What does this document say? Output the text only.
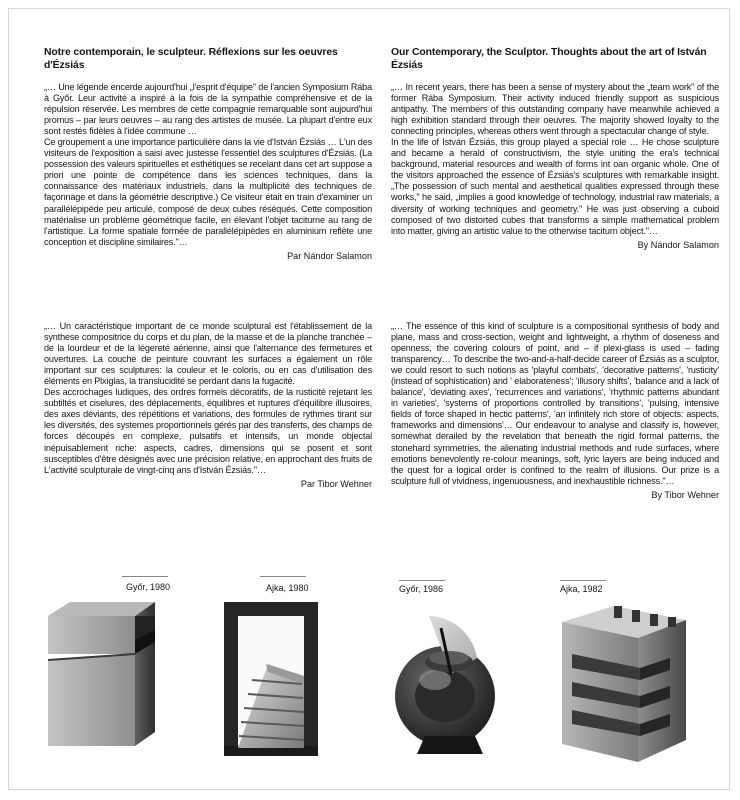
Notre contemporain, le sculpteur. Réflexions sur les oeuvres d'Ézsiás

„… Une légende encerde aujourd'hui „l'esprit d'équipe" de l'ancien Symposium Rába à Győr. Leur activité a inspiré à la fois de la sympathie compréhensive et de la répulsion réservée. Les membres de cette compagnie remarquable sont aujourd'hui promus – par leurs oeuvres – au rang des artistes de musée. La plupart d'entre eux sont restés fidèles à l'idée commune …

Ce groupement a une importance particulière dans la vie d'István Ézsiás … L'un des visiteurs de l'exposition a saisi avec justesse l'essentiel des sculptures d'Ézsiás. (La possession des valeurs spirituelles et esthétiques se recelant dans cet art suppose a priori une pointe de compétence dans les sciences techniques, dans la connaissance des matériaux industriels, dans la multiplicité des techniques de façonnage et dans la géométrie descriptive.) Ce visiteur était en train d'examiner un parallélépipède peu articulé, composé de deux cubes réséqués. Cette composition matérialise un problème géométrique facile, en élevant l'objet taciturne au rang de l'artistique. La forme spatiale formée de parallélépipèdes en aluminium reflète une conception et discipline similaires."…

Par Nándor Salamon

Our Contemporary, the Sculptor. Thoughts about the art of István Ézsiás

„… In recent years, there has been a sense of mystery about the „team work" of the former Rába Symposium. Their activity induced friendly support as suspicious antipathy. The members of this outstanding company have meanwhile achieved a high exhibition standard through their oeuvres. The majority showed loyalty to the connecting principles, whereas others went through a spectacular change of style.

In the life of István Ézsiás, this group played a special role … He chose sculpture and became a herald of constructivism, the style uniting the era's technical background, material resources and wealth of forms int oan organic whole. One of the visitors approached the essence of Ézsiás's sculptures with remarkable insight. „The possession of such mental and aesthetical qualities expressed through these works," he said, „implies a good knowledge of technology, industrial raw materials, a diversity of working techniques and geometry." He was just observing a cuboid composed of two distorted cubes that transforms a simple mathematical problem into matter, giving an artistic value to the otherwise taciturn object."…

By Nándor Salamon

„… Un caractéristique important de ce monde sculptural est l'établissement de la synthese compositrice du corps et du plan, de la masse et de la planche tranchée – de la lourdeur et de la légereté aérienne, ainsi que l'alternance des fermetures et ouvertures. La couche de peinture couvrant les surfaces a également un rôle important sur ces sculptures: la couleur et le coloris, ou en cas d'utilisation des éléments en Plxiglas, la translucidité se perdant dans la fugacité.

Des accrochages ludiques, des ordres formels décoratifs, de la rusticité rejetant les subtiltés et ciselures, des déplacements, équilibres et ruptures d'équilibre illusoires, des axes déviants, des répétitions et variations, des formules de rythmes tirant sur les diversités, des systemes proportionnels gérés par des transferts, des champs de forces découpés en complexe, pulsatifs et intensifs, un monde objectal inépuisablement riche: aspects, cadres, dimensions qui se posent et sont susceptibles d'être désignés avec une précision relative, en approchant des fruits de L'activité sculpturale de vingt-cinq ans d'István Ézsiás."…

Par Tibor Wehner

„… The essence of this kind of sculpture is a compositional synthesis of body and plane, mass and cross-section, weight and lightweight, a rhythm of doseness and openness, the covering colours of point, and – if plexi-glass is used – fading transparency… To describe the two-and-a-half-decide career of Ézsiás as a sculptor, we could resort to such notions as 'playful combats', 'decorative patterns', 'rusticity' (instead of sophistication) and ' elaborateness'; 'illusory shifts', 'balance and a lack of balance', 'deviating axes', 'recurrences and variations', 'rhythmic patterns abundant in varieties', 'systems of proportions controlled by transitions', 'pulsing, intensive fields of force shaped in hectic patterns', 'an infinitely rich store of objects: aspects, frameworks and dimensions'… Our endeavour to analyse and classify is, however, somewhat derailed by the revelation that beneath the rigid formal patterns, the stonehard symmetries, the alienating industrial methods and rude surfaces, where emotions benevolently re-colour meanings, soft, lyric layers are being induced and the quest for a logical order is confined to the realm of illusions. Our prize is a sculpture full of vividness, ingenuousness, and inexhaustible richness."…

By Tibor Wehner

Győr, 1980	Ajka, 1980	Győr, 1986	Ajka, 1982
